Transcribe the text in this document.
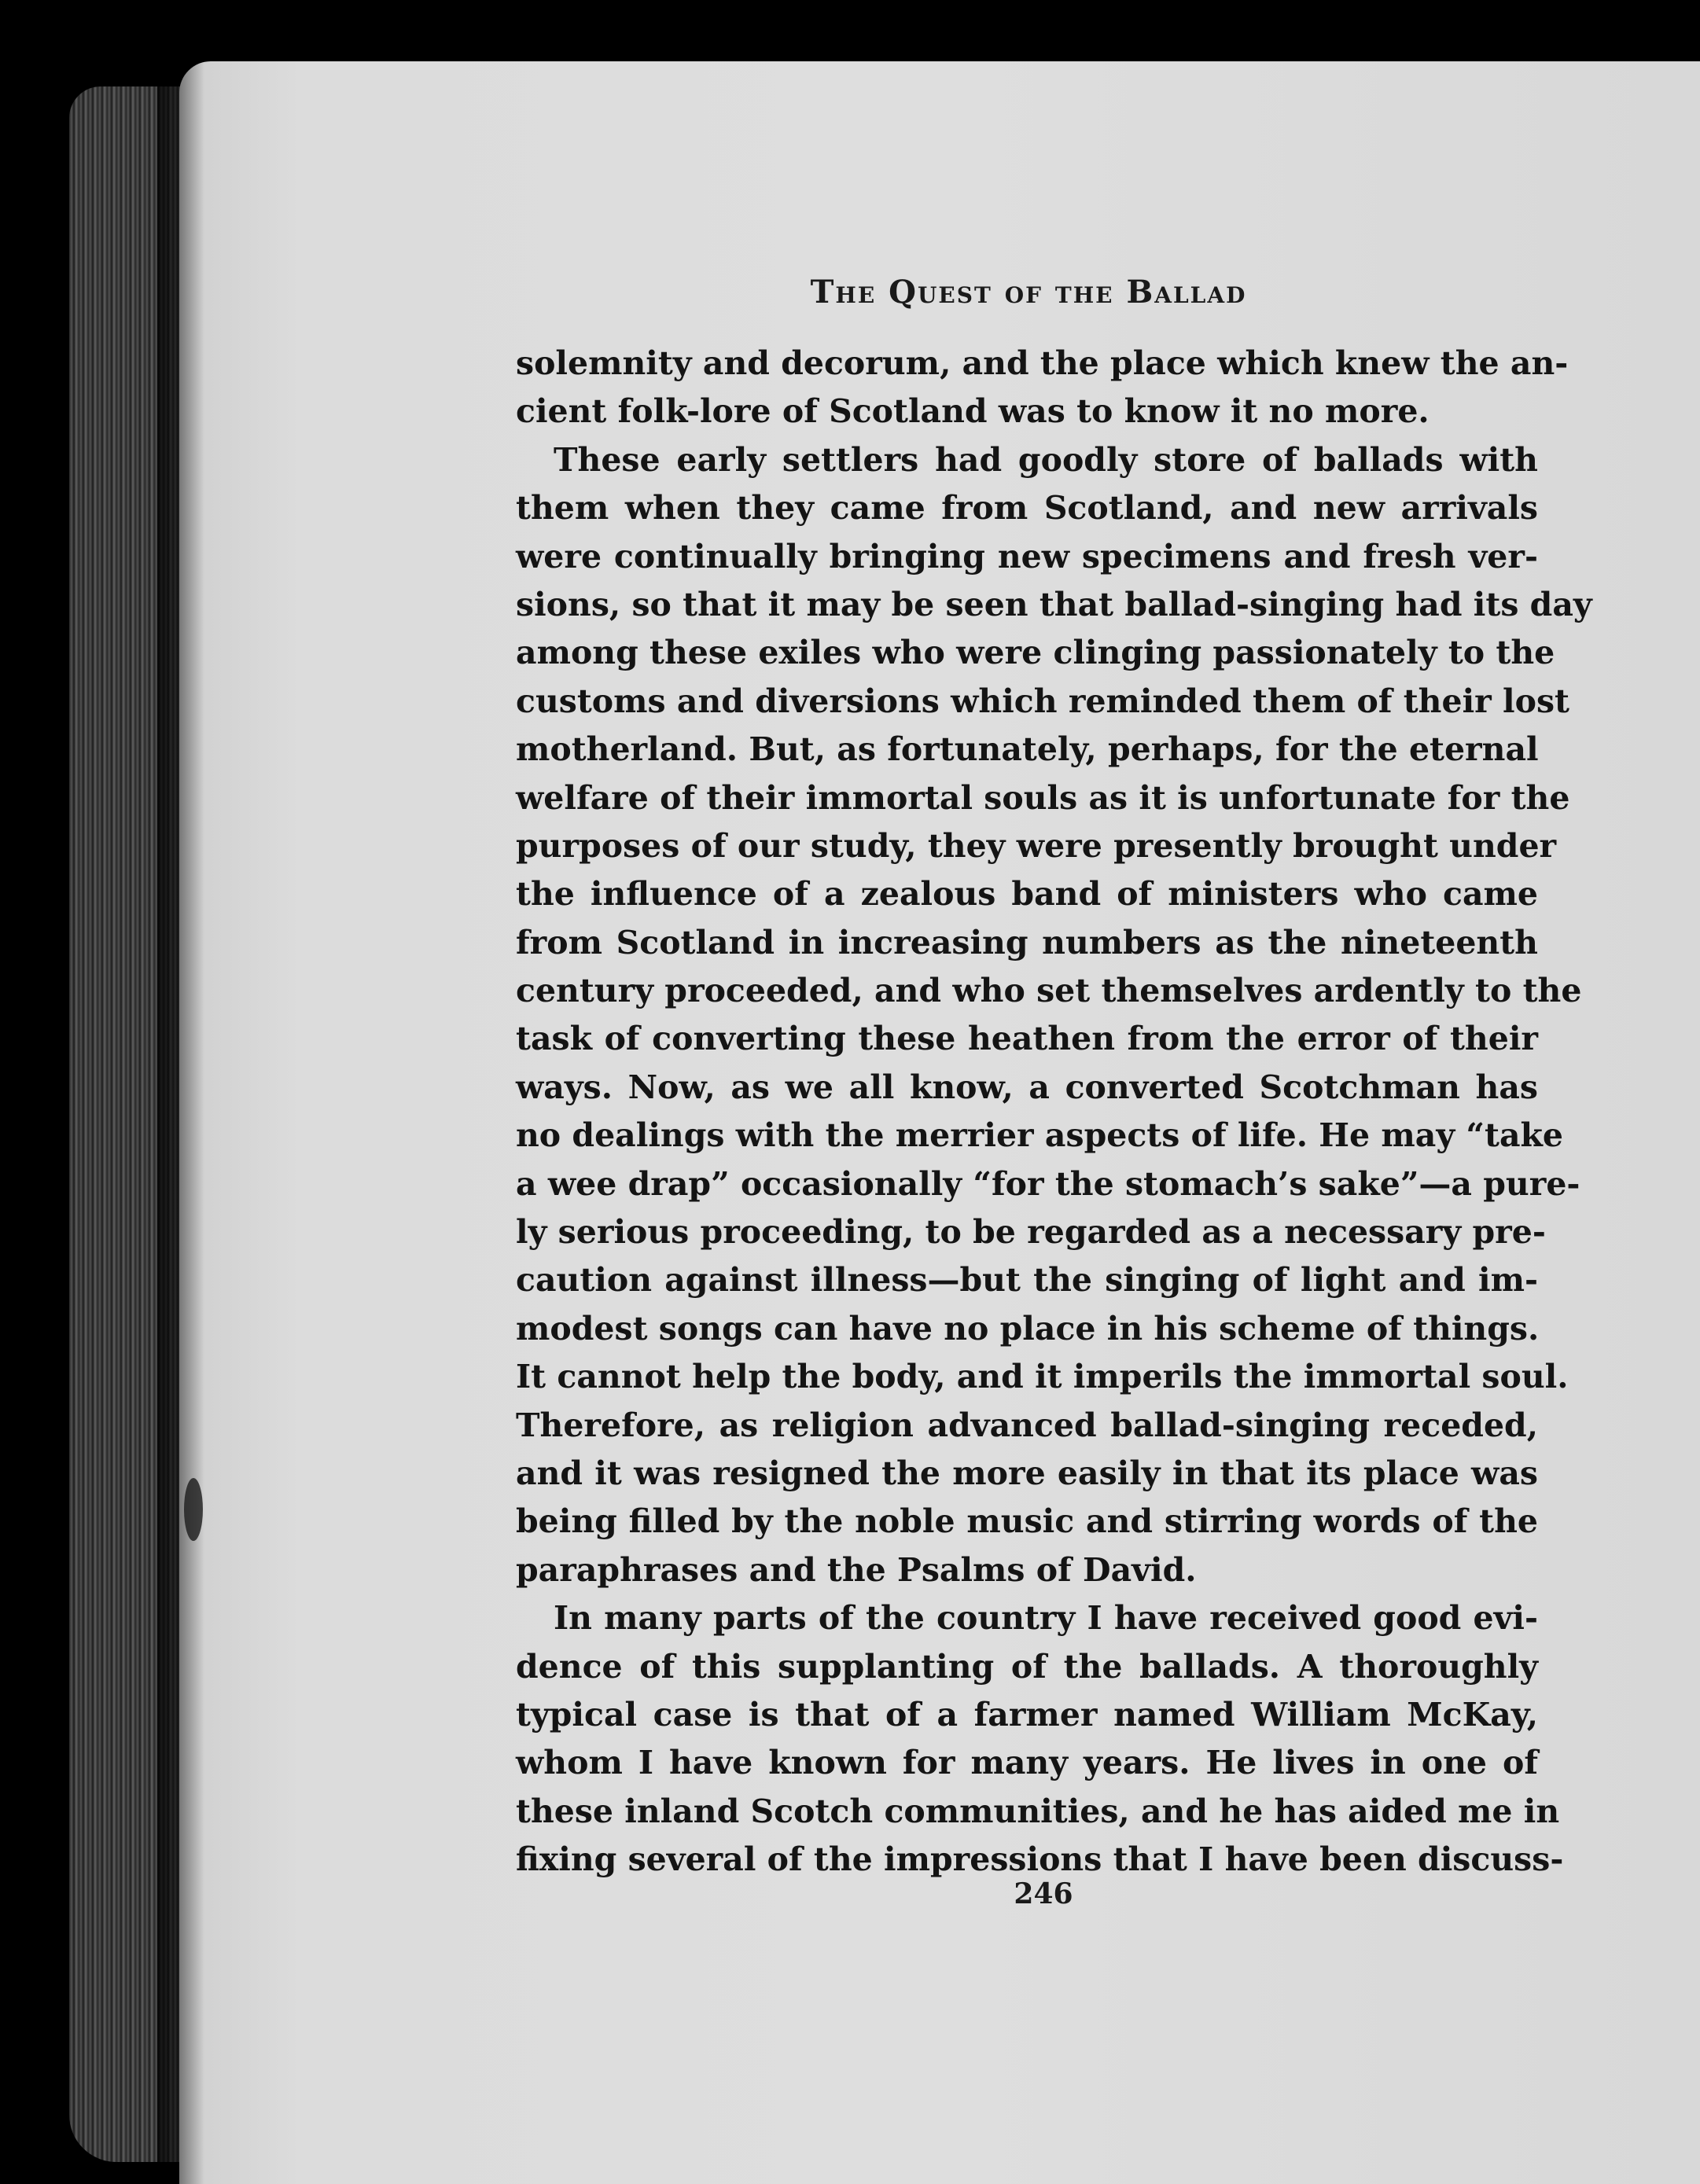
The Quest of the Ballad
solemnity and decorum, and the place which knew the an-
cient folk-lore of Scotland was to know it no more.
These early settlers had goodly store of ballads with
them when they came from Scotland, and new arrivals
were continually bringing new specimens and fresh ver-
sions, so that it may be seen that ballad-singing had its day
among these exiles who were clinging passionately to the
customs and diversions which reminded them of their lost
motherland. But, as fortunately, perhaps, for the eternal
welfare of their immortal souls as it is unfortunate for the
purposes of our study, they were presently brought under
the influence of a zealous band of ministers who came
from Scotland in increasing numbers as the nineteenth
century proceeded, and who set themselves ardently to the
task of converting these heathen from the error of their
ways. Now, as we all know, a converted Scotchman has
no dealings with the merrier aspects of life. He may “take
a wee drap” occasionally “for the stomach’s sake”—a pure-
ly serious proceeding, to be regarded as a necessary pre-
caution against illness—but the singing of light and im-
modest songs can have no place in his scheme of things.
It cannot help the body, and it imperils the immortal soul.
Therefore, as religion advanced ballad-singing receded,
and it was resigned the more easily in that its place was
being filled by the noble music and stirring words of the
paraphrases and the Psalms of David.
In many parts of the country I have received good evi-
dence of this supplanting of the ballads. A thoroughly
typical case is that of a farmer named William McKay,
whom I have known for many years. He lives in one of
these inland Scotch communities, and he has aided me in
fixing several of the impressions that I have been discuss-
246
